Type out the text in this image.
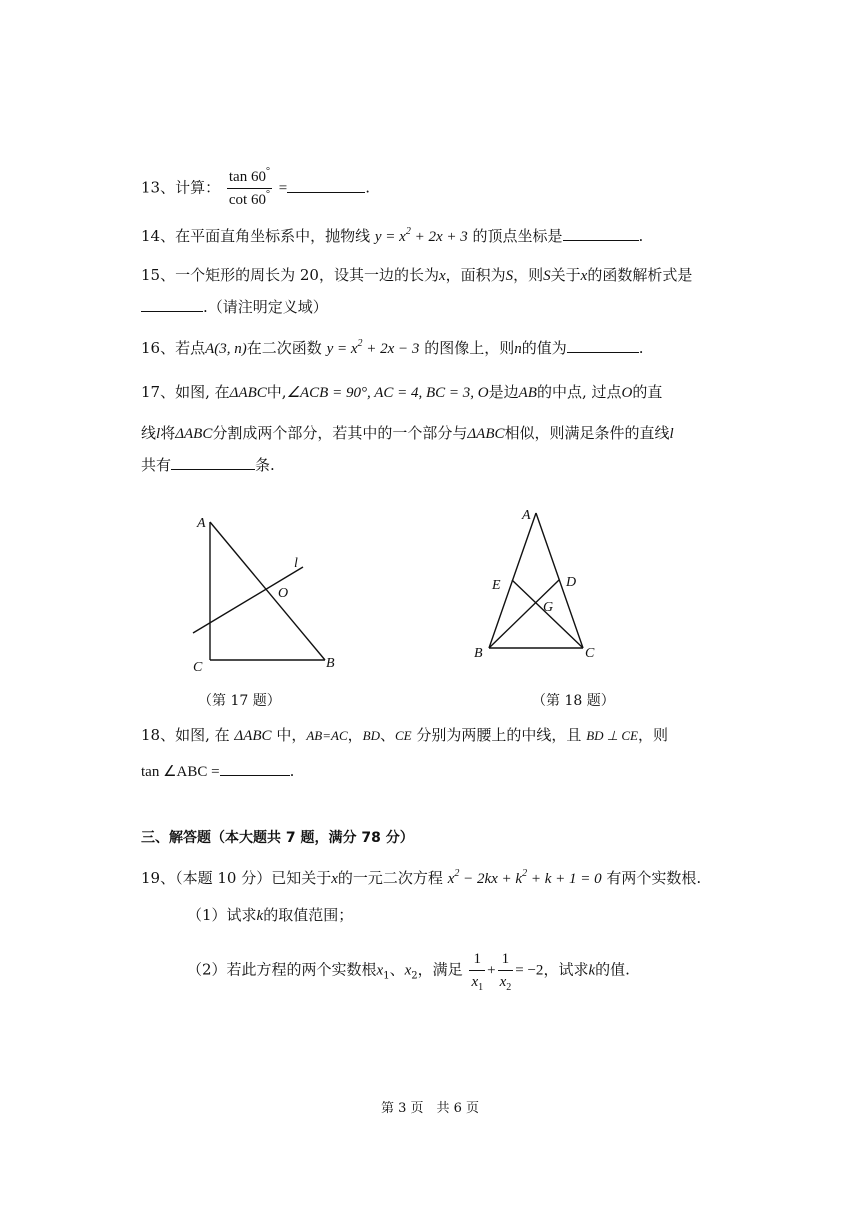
13、计算： $\frac{\tan 60^\circ}{\cot 60^\circ}$ =	.
14、在平面直角坐标系中，抛物线 $y = x^2 + 2x + 3$ 的顶点坐标是	.
15、一个矩形的周长为 20，设其一边的长为x，面积为S，则S关于x的函数解析式是
.（请注明定义域）
16、若点A(3, n)在二次函数 $y = x^2 + 2x - 3$ 的图像上，则n的值为	.
17、如图, 在ΔABC中,∠ACB = 90°, AC = 4, BC = 3, O是边AB的中点, 过点O的直
线l将ΔABC分割成两个部分，若其中的一个部分与ΔABC相似，则满足条件的直线l
共有	条.
A
C	B
O
l
（第 17 题）
A
E	D
G
B	C
（第 18 题）
18、如图, 在 ΔABC 中，AB=AC，BD、CE 分别为两腰上的中线，且 BD ⊥ CE，则
tan ∠ABC =	.
三、解答题（本大题共 7 题，满分 78 分）
19、（本题 10 分）已知关于x的一元二次方程 $x^2 - 2kx + k^2 + k + 1 = 0$ 有两个实数根.
（1）试求k的取值范围；
（2）若此方程的两个实数根$x_1$、$x_2$，满足 $\frac{1}{x_1} + \frac{1}{x_2} = -2$，试求k的值.
第 3 页　共 6 页
